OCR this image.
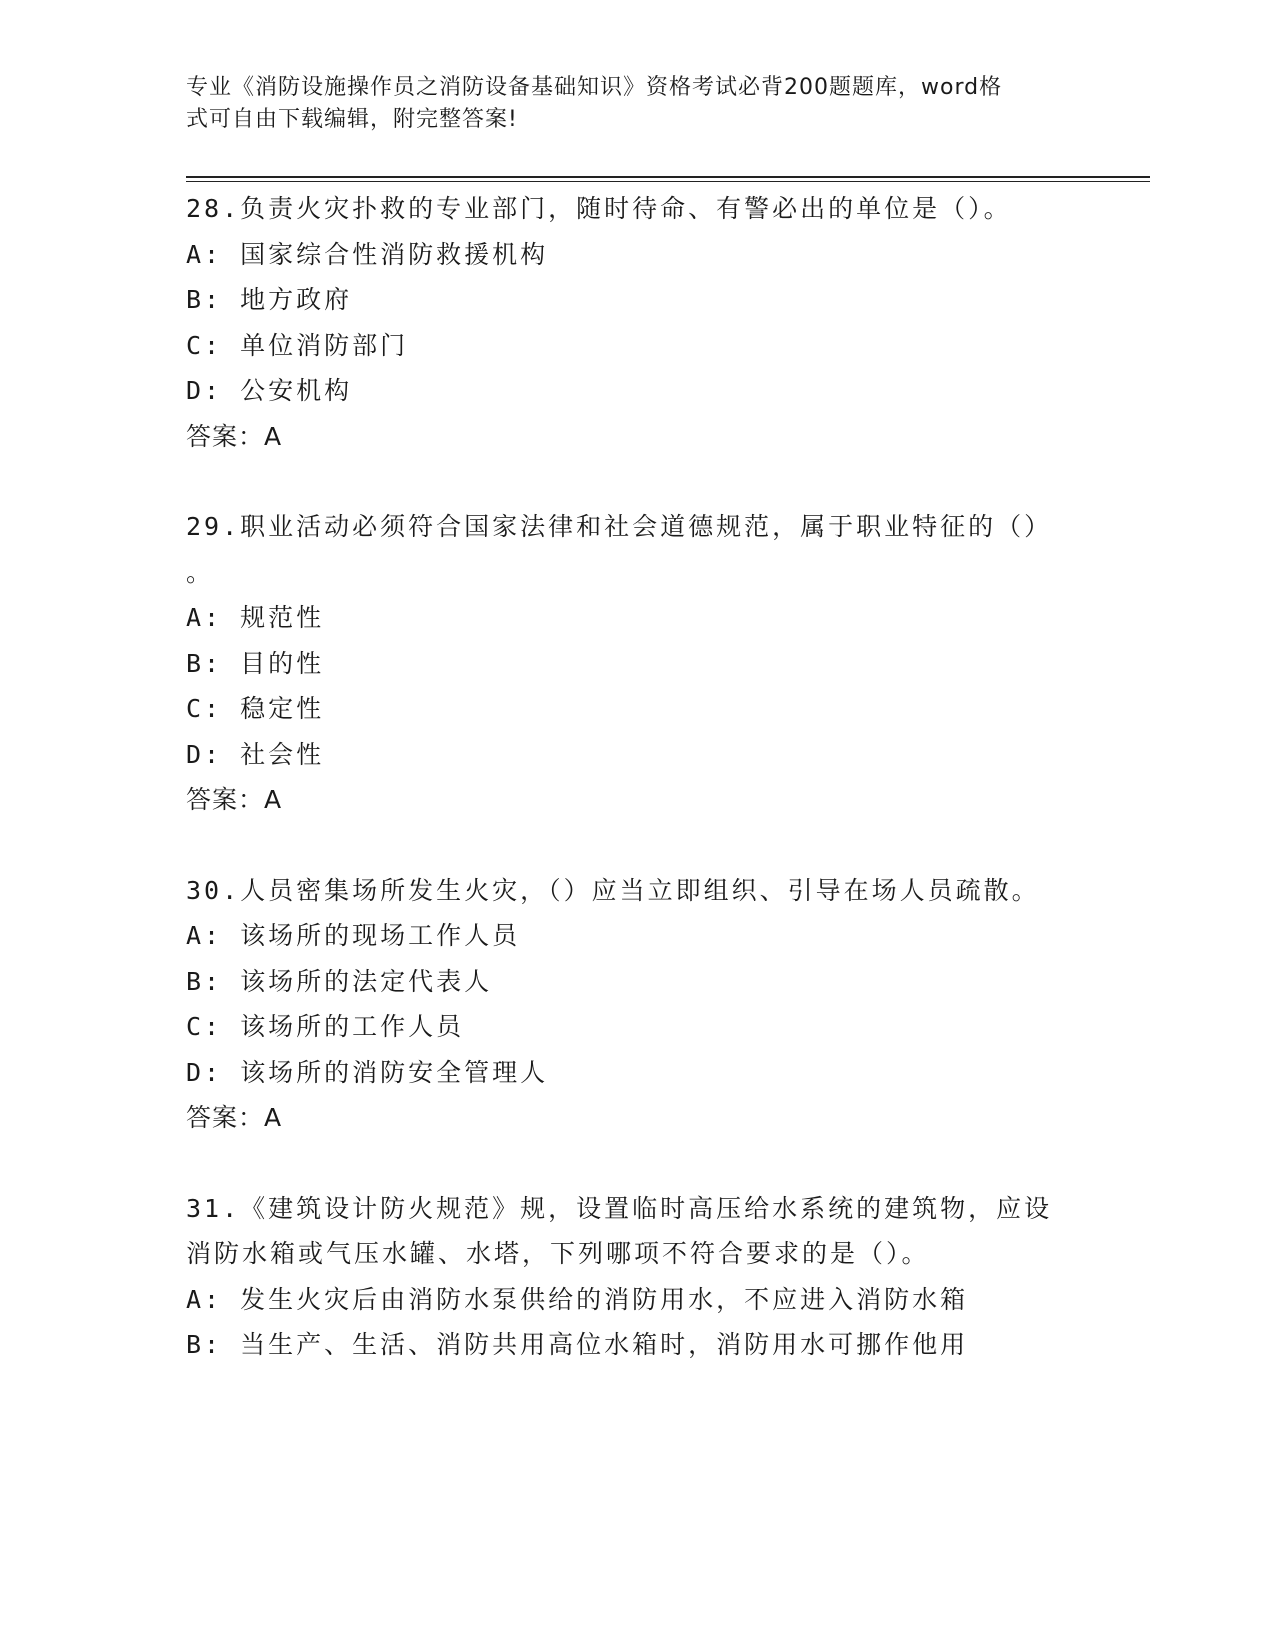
专业《消防设施操作员之消防设备基础知识》资格考试必背200题题库，word格
式可自由下载编辑，附完整答案!
28.负责火灾扑救的专业部门，随时待命、有警必出的单位是（）。
A: 国家综合性消防救援机构
B: 地方政府
C: 单位消防部门
D: 公安机构
答案：A
29.职业活动必须符合国家法律和社会道德规范，属于职业特征的（）
。
A: 规范性
B: 目的性
C: 稳定性
D: 社会性
答案：A
30.人员密集场所发生火灾，（）应当立即组织、引导在场人员疏散。
A: 该场所的现场工作人员
B: 该场所的法定代表人
C: 该场所的工作人员
D: 该场所的消防安全管理人
答案：A
31.《建筑设计防火规范》规，设置临时高压给水系统的建筑物，应设
消防水箱或气压水罐、水塔，下列哪项不符合要求的是（）。
A: 发生火灾后由消防水泵供给的消防用水，不应进入消防水箱
B: 当生产、生活、消防共用高位水箱时，消防用水可挪作他用
